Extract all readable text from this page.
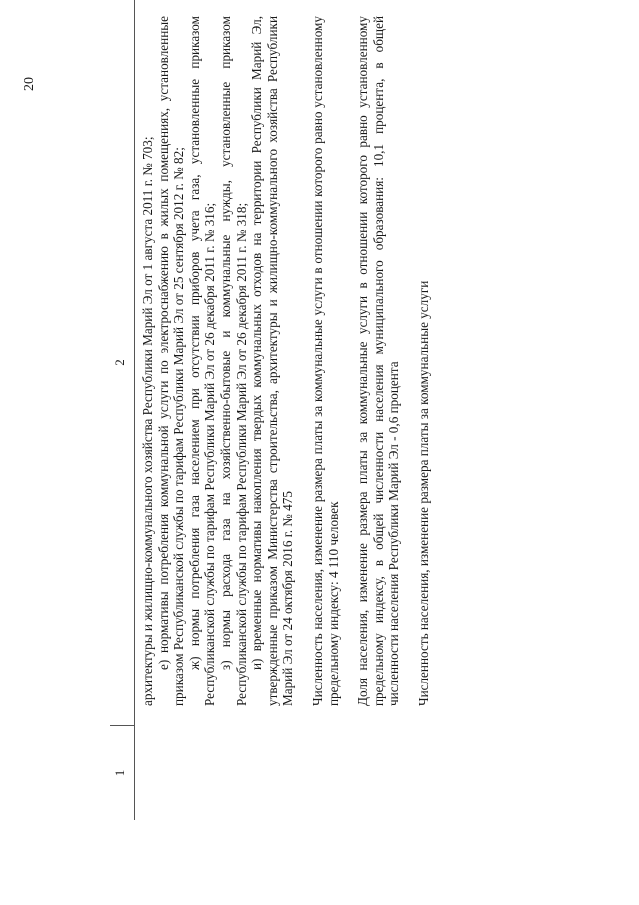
20
1
2 архитектуры и жилищно-коммунального хозяйства Республики Марий Эл от 1 августа 2011 г. № 703; е) нормативы потребления коммунальной услуги по электроснабжению в жилых помещениях, установленные приказом Республиканской службы по тарифам Республики Марий Эл от 25 сентября 2012 г. № 82; ж) нормы потребления газа населением при отсутствии приборов учета газа, установленные приказом Республиканской службы по тарифам Республики Марий Эл от 26 декабря 2011 г. № 316; з) нормы расхода газа на хозяйственно-бытовые и коммунальные нужды, установленные приказом Республиканской службы по тарифам Республики Марий Эл от 26 декабря 2011 г. № 318; и) временные нормативы накопления твердых коммунальных отходов на территории Республики Марий Эл, утвержденные приказом Министерства строительства, архитектуры и жилищно-коммунального хозяйства Республики Марий Эл от 24 октября 2016 г. № 475 Численность населения, изменение размера платы за коммунальные услуги в отношении которого равно установленному предельному индексу: 4 110 человек Доля населения, изменение размера платы за коммунальные услуги в отношении которого равно установленному предельному индексу, в общей численности населения муниципального образования: 10,1 процента, в общей численности населения Республики Марий Эл - 0,6 процента Численность населения, изменение размера платы за коммунальные услуги
